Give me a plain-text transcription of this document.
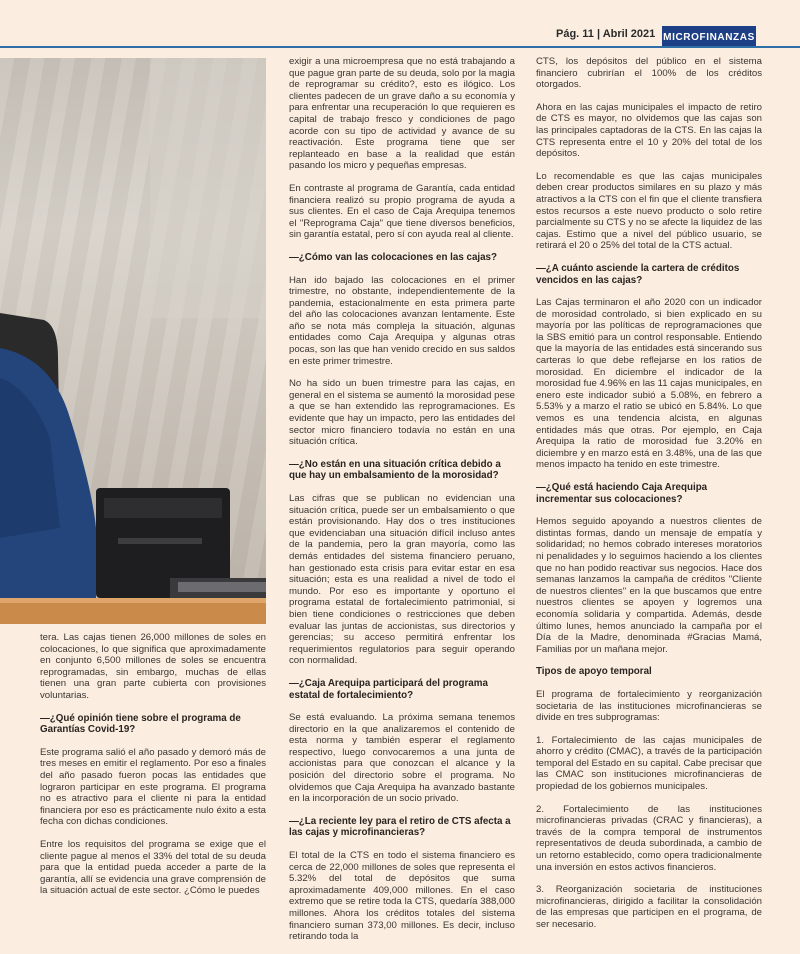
Pág. 11 | Abril 2021 MICROFINANZAS

tera. Las cajas tienen 26,000 millones de soles en colocaciones, lo que significa que aproximadamente en conjunto 6,500 millones de soles se encuentra reprogramadas, sin embargo, muchas de ellas tienen una gran parte cubierta con provisiones voluntarias.

—¿Qué opinión tiene sobre el programa de Garantías Covid-19?

Este programa salió el año pasado y demoró más de tres meses en emitir el reglamento. Por eso a finales del año pasado fueron pocas las entidades que lograron participar en este programa. El programa no es atractivo para el cliente ni para la entidad financiera por eso es prácticamente nulo éxito a esta fecha con dichas condiciones.

Entre los requisitos del programa se exige que el cliente pague al menos el 33% del total de su deuda para que la entidad pueda acceder a parte de la garantía, allí se evidencia una grave comprensión de la situación actual de este sector. ¿Cómo le puedes

exigir a una microempresa que no está trabajando a que pague gran parte de su deuda, solo por la magia de reprogramar su crédito?, esto es ilógico. Los clientes padecen de un grave daño a su economía y para enfrentar una recuperación lo que requieren es capital de trabajo fresco y condiciones de pago acorde con su tipo de actividad y avance de su reactivación. Este programa tiene que ser replanteado en base a la realidad que están pasando los micro y pequeñas empresas.

En contraste al programa de Garantía, cada entidad financiera realizó su propio programa de ayuda a sus clientes. En el caso de Caja Arequipa tenemos el "Reprograma Caja" que tiene diversos beneficios, sin garantía estatal, pero sí con ayuda real al cliente.

—¿Cómo van las colocaciones en las cajas?

Han ido bajado las colocaciones en el primer trimestre, no obstante, independientemente de la pandemia, estacionalmente en esta primera parte del año las colocaciones avanzan lentamente. Este año se nota más compleja la situación, algunas entidades como Caja Arequipa y algunas otras pocas, son las que han venido crecido en sus saldos en este primer trimestre.

No ha sido un buen trimestre para las cajas, en general en el sistema se aumentó la morosidad pese a que se han extendido las reprogramaciones. Es evidente que hay un impacto, pero las entidades del sector micro financiero todavía no están en una situación crítica.

—¿No están en una situación crítica debido a que hay un embalsamiento de la morosidad?

Las cifras que se publican no evidencian una situación crítica, puede ser un embalsamiento o que están provisionando. Hay dos o tres instituciones que evidenciaban una situación difícil incluso antes de la pandemia, pero la gran mayoría, como las demás entidades del sistema financiero peruano, han gestionado esta crisis para evitar estar en esa situación; esta es una realidad a nivel de todo el mundo. Por eso es importante y oportuno el programa estatal de fortalecimiento patrimonial, si bien tiene condiciones o restricciones que deben evaluar las juntas de accionistas, sus directorios y gerencias; su acceso permitirá enfrentar los requerimientos regulatorios para seguir operando con normalidad.

—¿Caja Arequipa participará del programa estatal de fortalecimiento?

Se está evaluando. La próxima semana tenemos directorio en la que analizaremos el contenido de esta norma y también esperar el reglamento respectivo, luego convocaremos a una junta de accionistas para que conozcan el alcance y la posición del directorio sobre el programa. No olvidemos que Caja Arequipa ha avanzado bastante en la incorporación de un socio privado.

—¿La reciente ley para el retiro de CTS afecta a las cajas y microfinancieras?

El total de la CTS en todo el sistema financiero es cerca de 22,000 millones de soles que representa el 5.32% del total de depósitos que suma aproximadamente 409,000 millones. En el caso extremo que se retire toda la CTS, quedaría 388,000 millones. Ahora los créditos totales del sistema financiero suman 373,00 millones. Es decir, incluso retirando toda la

CTS, los depósitos del público en el sistema financiero cubrirían el 100% de los créditos otorgados.

Ahora en las cajas municipales el impacto de retiro de CTS es mayor, no olvidemos que las cajas son las principales captadoras de la CTS. En las cajas la CTS representa entre el 10 y 20% del total de los depósitos.

Lo recomendable es que las cajas municipales deben crear productos similares en su plazo y más atractivos a la CTS con el fin que el cliente transfiera estos recursos a este nuevo producto o solo retire parcialmente su CTS y no se afecte la liquidez de las cajas. Estimo que a nivel del público usuario, se retirará el 20 o 25% del total de la CTS actual.

—¿A cuánto asciende la cartera de créditos vencidos en las cajas?

Las Cajas terminaron el año 2020 con un indicador de morosidad controlado, si bien explicado en su mayoría por las políticas de reprogramaciones que la SBS emitió para un control responsable. Entiendo que la mayoría de las entidades está sincerando sus carteras lo que debe reflejarse en los ratios de morosidad. En diciembre el indicador de la morosidad fue 4.96% en las 11 cajas municipales, en enero este indicador subió a 5.08%, en febrero a 5.53% y a marzo el ratio se ubicó en 5.84%. Lo que vemos es una tendencia alcista, en algunas entidades más que otras. Por ejemplo, en Caja Arequipa la ratio de morosidad fue 3.20% en diciembre y en marzo está en 3.48%, una de las que menos impacto ha tenido en este trimestre.

—¿Qué está haciendo Caja Arequipa incrementar sus colocaciones?

Hemos seguido apoyando a nuestros clientes de distintas formas, dando un mensaje de empatía y solidaridad; no hemos cobrado intereses moratorios ni penalidades y lo seguimos haciendo a los clientes que no han podido reactivar sus negocios. Hace dos semanas lanzamos la campaña de créditos "Cliente de nuestros clientes" en la que buscamos que entre nuestros clientes se apoyen y logremos una economía solidaria y compartida. Además, desde último lunes, hemos anunciado la campaña por el Día de la Madre, denominada #Gracias Mamá, Familias por un mañana mejor.

Tipos de apoyo temporal

El programa de fortalecimiento y reorganización societaria de las instituciones microfinancieras se divide en tres subprogramas:

1. Fortalecimiento de las cajas municipales de ahorro y crédito (CMAC), a través de la participación temporal del Estado en su capital. Cabe precisar que las CMAC son instituciones microfinancieras de propiedad de los gobiernos municipales.

2. Fortalecimiento de las instituciones microfinancieras privadas (CRAC y financieras), a través de la compra temporal de instrumentos representativos de deuda subordinada, a cambio de un retorno establecido, como opera tradicionalmente una inversión en estos activos financieros.

3. Reorganización societaria de instituciones microfinancieras, dirigido a facilitar la consolidación de las empresas que participen en el programa, de ser necesario.
